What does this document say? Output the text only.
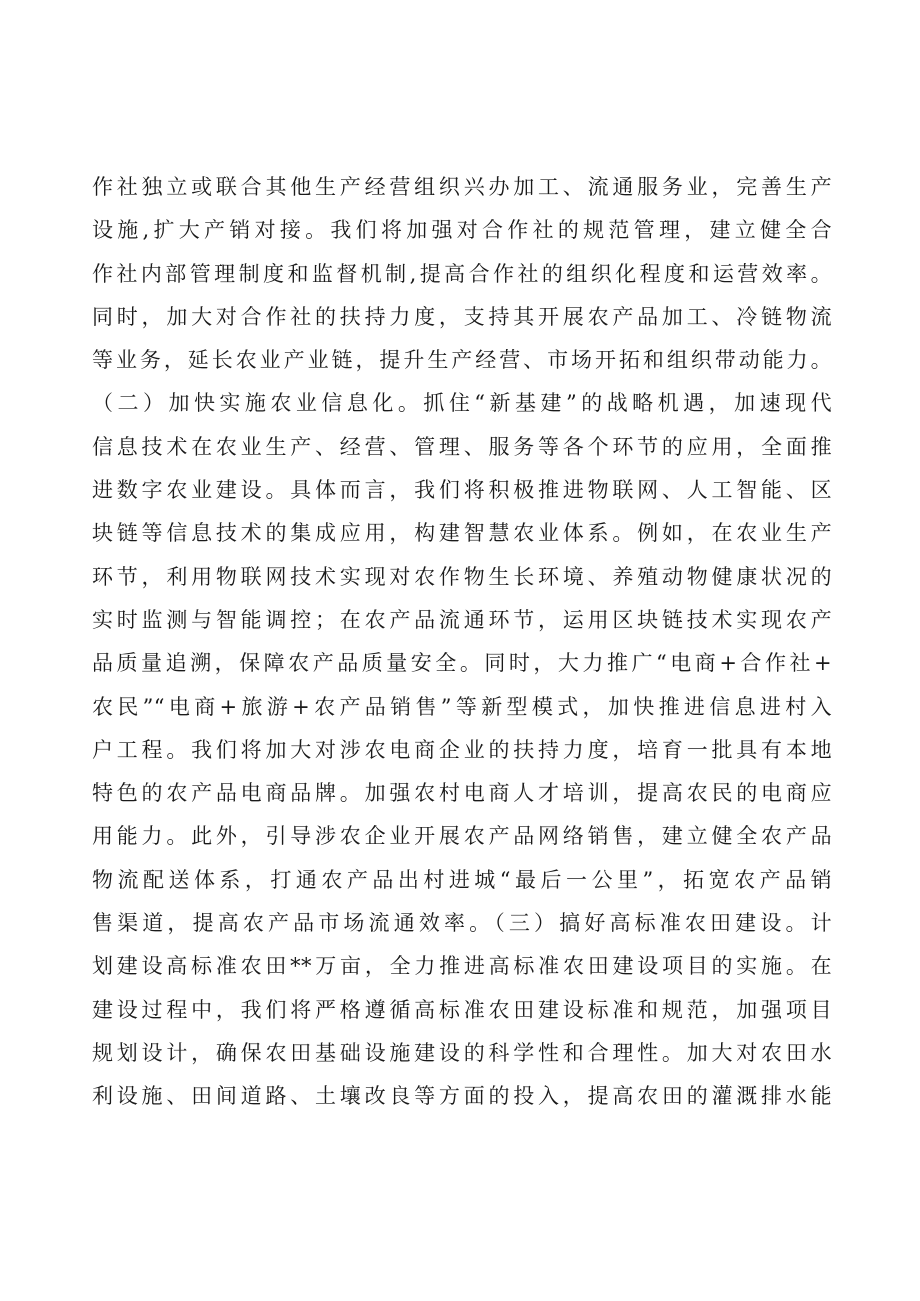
作社独立或联合其他生产经营组织兴办加工、流通服务业，完善生产
设施,扩大产销对接。我们将加强对合作社的规范管理，建立健全合
作社内部管理制度和监督机制,提高合作社的组织化程度和运营效率。
同时，加大对合作社的扶持力度，支持其开展农产品加工、冷链物流
等业务，延长农业产业链，提升生产经营、市场开拓和组织带动能力。
（二）加快实施农业信息化。抓住“新基建”的战略机遇，加速现代
信息技术在农业生产、经营、管理、服务等各个环节的应用，全面推
进数字农业建设。具体而言，我们将积极推进物联网、人工智能、区
块链等信息技术的集成应用，构建智慧农业体系。例如，在农业生产
环节，利用物联网技术实现对农作物生长环境、养殖动物健康状况的
实时监测与智能调控；在农产品流通环节，运用区块链技术实现农产
品质量追溯，保障农产品质量安全。同时，大力推广“电商+合作社+
农民”“电商+旅游+农产品销售”等新型模式，加快推进信息进村入
户工程。我们将加大对涉农电商企业的扶持力度，培育一批具有本地
特色的农产品电商品牌。加强农村电商人才培训，提高农民的电商应
用能力。此外，引导涉农企业开展农产品网络销售，建立健全农产品
物流配送体系，打通农产品出村进城“最后一公里”，拓宽农产品销
售渠道，提高农产品市场流通效率。（三）搞好高标准农田建设。计
划建设高标准农田**万亩，全力推进高标准农田建设项目的实施。在
建设过程中，我们将严格遵循高标准农田建设标准和规范，加强项目
规划设计，确保农田基础设施建设的科学性和合理性。加大对农田水
利设施、田间道路、土壤改良等方面的投入，提高农田的灌溉排水能
